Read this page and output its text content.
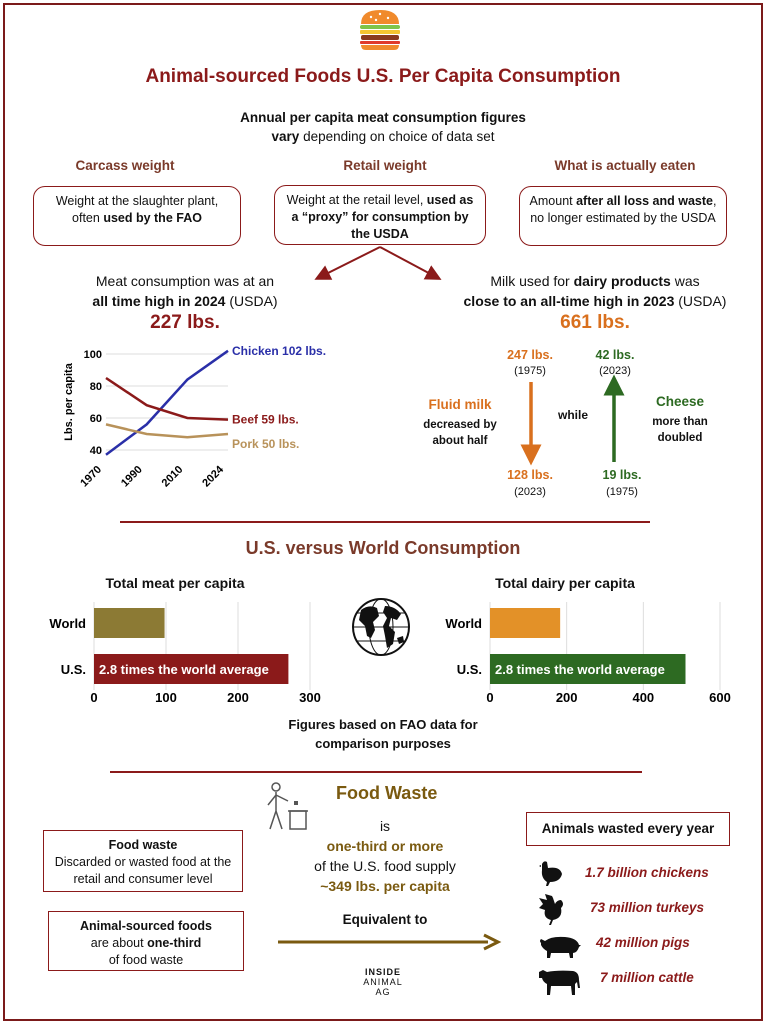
Animal-sourced Foods U.S. Per Capita Consumption
Annual per capita meat consumption figures
vary depending on choice of data set
Carcass weight	Retail weight	What is actually eaten
Weight at the slaughter plant, often used by the FAO
Weight at the retail level, used as a “proxy” for consumption by the USDA
Amount after all loss and waste, no longer estimated by the USDA
Meat consumption was at an
all time high in 2024 (USDA)
227 lbs.
40
60
80
100
1970 1990 2010 2024
Lbs. per capita
Chicken 102 lbs.
Beef 59 lbs.
Pork 50 lbs.
Milk used for dairy products was
close to an all-time high in 2023 (USDA)
661 lbs.
247 lbs.
(1975)
42 lbs.
(2023)
Fluid milk
decreased by
about half
while
Cheese
more than
doubled
128 lbs.
(2023)
19 lbs.
(1975)
U.S. versus World Consumption
Total meat per capita	Total dairy per capita
0	100	200	300
World
U.S. 2.8 times the world average
0	200	400	600
World
U.S. 2.8 times the world average
Figures based on FAO data for
comparison purposes
Food Waste
Food waste
Discarded or wasted food at the retail and consumer level
is
one-third or more
of the U.S. food supply
~349 lbs. per capita
Animal-sourced foods
are about one-third
of food waste
Equivalent to
INSIDE
ANIMAL
AG
Animals wasted every year
1.7 billion chickens
73 million turkeys
42 million pigs
7 million cattle
